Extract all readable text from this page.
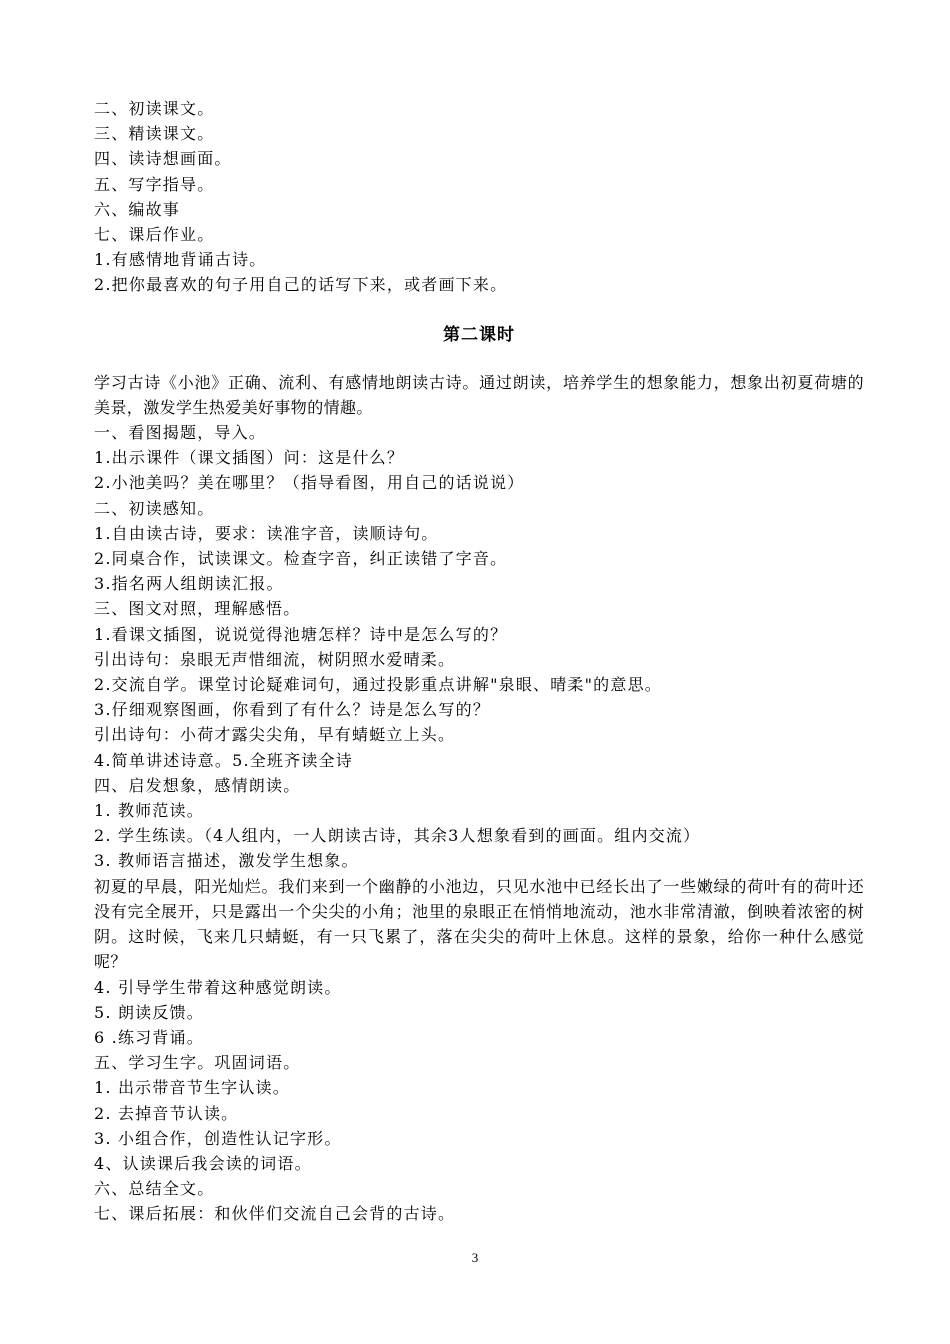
二、初读课文。
三、精读课文。
四、读诗想画面。
五、写字指导。
六、编故事
七、课后作业。
1.有感情地背诵古诗。
2.把你最喜欢的句子用自己的话写下来，或者画下来。
第二课时
学习古诗《小池》正确、流利、有感情地朗读古诗。通过朗读，培养学生的想象能力，想象出初夏荷塘的美景，激发学生热爱美好事物的情趣。
一、看图揭题，导入。
1.出示课件（课文插图）问：这是什么？
2.小池美吗？美在哪里？（指导看图，用自己的话说说）
二、初读感知。
1.自由读古诗，要求：读准字音，读顺诗句。
2.同桌合作，试读课文。检查字音，纠正读错了字音。
3.指名两人组朗读汇报。
三、图文对照，理解感悟。
1.看课文插图，说说觉得池塘怎样？诗中是怎么写的？
引出诗句：泉眼无声惜细流，树阴照水爱晴柔。
2.交流自学。课堂讨论疑难词句，通过投影重点讲解"泉眼、晴柔"的意思。
3.仔细观察图画，你看到了有什么？诗是怎么写的？
引出诗句：小荷才露尖尖角，早有蜻蜓立上头。
4.简单讲述诗意。5.全班齐读全诗
四、启发想象，感情朗读。
1. 教师范读。
2. 学生练读。（4人组内，一人朗读古诗，其余3人想象看到的画面。组内交流）
3. 教师语言描述，激发学生想象。
初夏的早晨，阳光灿烂。我们来到一个幽静的小池边，只见水池中已经长出了一些嫩绿的荷叶有的荷叶还没有完全展开，只是露出一个尖尖的小角；池里的泉眼正在悄悄地流动，池水非常清澈，倒映着浓密的树阴。这时候，飞来几只蜻蜓，有一只飞累了，落在尖尖的荷叶上休息。这样的景象，给你一种什么感觉呢？
4. 引导学生带着这种感觉朗读。
5. 朗读反馈。
6 .练习背诵。
五、学习生字。巩固词语。
1. 出示带音节生字认读。
2. 去掉音节认读。
3. 小组合作，创造性认记字形。
4、认读课后我会读的词语。
六、总结全文。
七、课后拓展：和伙伴们交流自己会背的古诗。
3
